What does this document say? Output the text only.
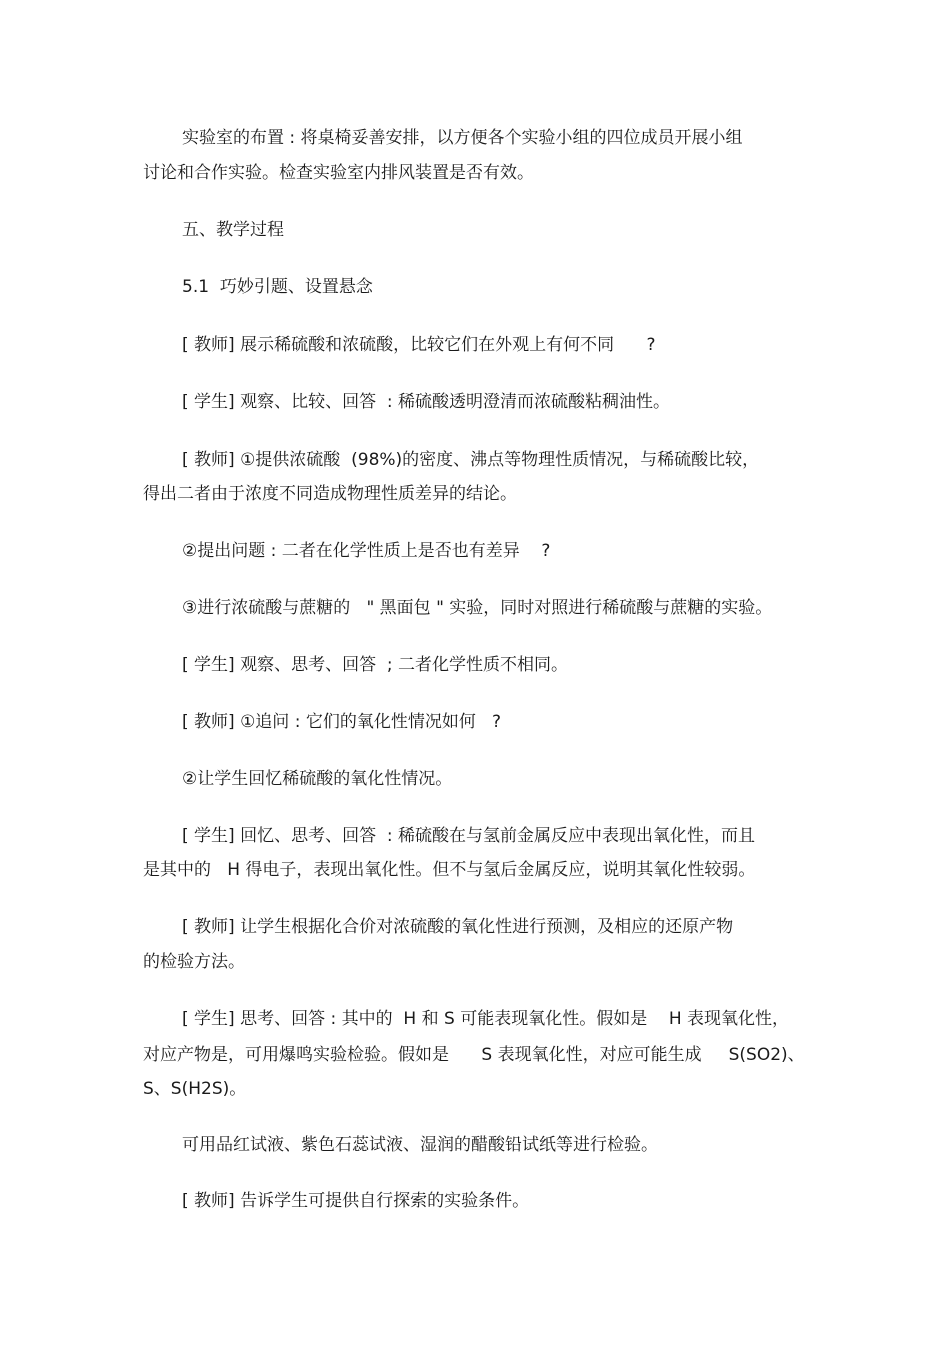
实验室的布置 : 将桌椅妥善安排，以方便各个实验小组的四位成员开展小组
讨论和合作实验。检查实验室内排风装置是否有效。
五、教学过程
5.1  巧妙引题、设置悬念
[ 教师] 展示稀硫酸和浓硫酸，比较它们在外观上有何不同      ?
[ 学生] 观察、比较、回答  : 稀硫酸透明澄清而浓硫酸粘稠油性。
[ 教师] ①提供浓硫酸  (98%)的密度、沸点等物理性质情况，与稀硫酸比较，
得出二者由于浓度不同造成物理性质差异的结论。
②提出问题 : 二者在化学性质上是否也有差异    ?
③进行浓硫酸与蔗糖的   " 黑面包 " 实验，同时对照进行稀硫酸与蔗糖的实验。
[ 学生] 观察、思考、回答  ; 二者化学性质不相同。
[ 教师] ①追问 : 它们的氧化性情况如何   ?
②让学生回忆稀硫酸的氧化性情况。
[ 学生] 回忆、思考、回答  : 稀硫酸在与氢前金属反应中表现出氧化性，而且
是其中的   H 得电子，表现出氧化性。但不与氢后金属反应，说明其氧化性较弱。
[ 教师] 让学生根据化合价对浓硫酸的氧化性进行预测，及相应的还原产物
的检验方法。
[ 学生] 思考、回答 : 其中的  H 和 S 可能表现氧化性。假如是    H 表现氧化性，
对应产物是，可用爆鸣实验检验。假如是      S 表现氧化性，对应可能生成     S(SO2)、
S、S(H2S)。
可用品红试液、紫色石蕊试液、湿润的醋酸铅试纸等进行检验。
[ 教师] 告诉学生可提供自行探索的实验条件。
